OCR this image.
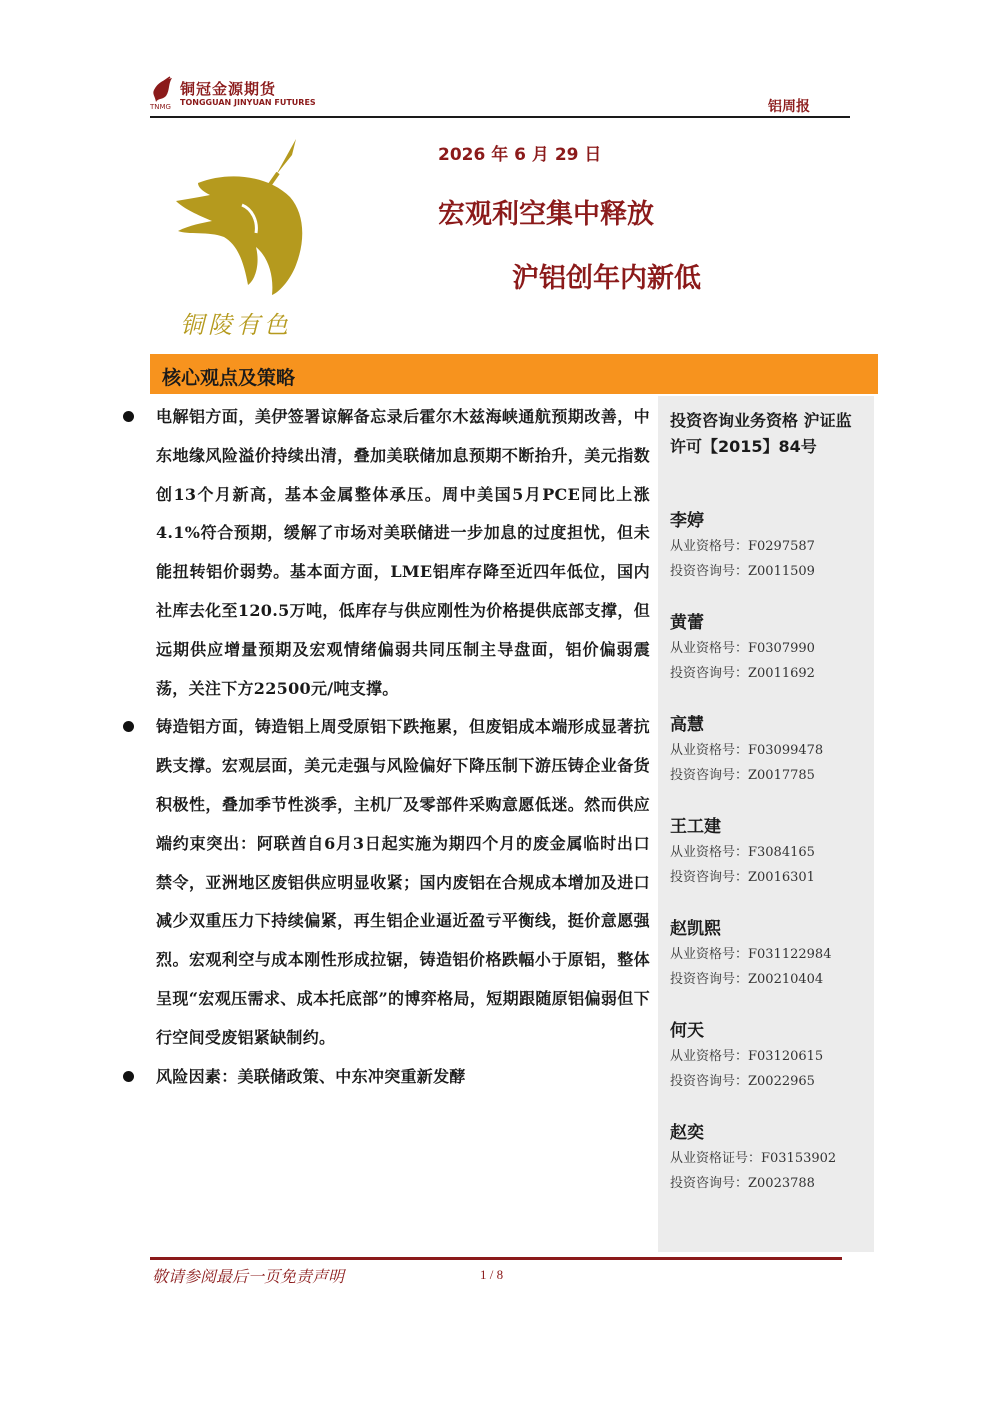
铜冠金源期货
TONGGUAN JINYUAN FUTURES
TNMG	铝周报
铜陵有色
2026 年 6 月 29 日
宏观利空集中释放
沪铝创年内新低
核心观点及策略
电解铝方面，美伊签署谅解备忘录后霍尔木兹海峡通航预期改善，中东地缘风险溢价持续出清，叠加美联储加息预期不断抬升，美元指数创13个月新高，基本金属整体承压。周中美国5月PCE同比上涨4.1%符合预期，缓解了市场对美联储进一步加息的过度担忧，但未能扭转铝价弱势。基本面方面，LME铝库存降至近四年低位，国内社库去化至120.5万吨，低库存与供应刚性为价格提供底部支撑，但远期供应增量预期及宏观情绪偏弱共同压制主导盘面，铝价偏弱震荡，关注下方22500元/吨支撑。
铸造铝方面，铸造铝上周受原铝下跌拖累，但废铝成本端形成显著抗跌支撑。宏观层面，美元走强与风险偏好下降压制下游压铸企业备货积极性，叠加季节性淡季，主机厂及零部件采购意愿低迷。然而供应端约束突出：阿联酋自6月3日起实施为期四个月的废金属临时出口禁令，亚洲地区废铝供应明显收紧；国内废铝在合规成本增加及进口减少双重压力下持续偏紧，再生铝企业逼近盈亏平衡线，挺价意愿强烈。宏观利空与成本刚性形成拉锯，铸造铝价格跌幅小于原铝，整体呈现“宏观压需求、成本托底部”的博弈格局，短期跟随原铝偏弱但下行空间受废铝紧缺制约。
风险因素：美联储政策、中东冲突重新发酵
投资咨询业务资格 沪证监许可【2015】84号
李婷
从业资格号：F0297587
投资咨询号：Z0011509
黄蕾
从业资格号：F0307990
投资咨询号：Z0011692
高慧
从业资格号：F03099478
投资咨询号：Z0017785
王工建
从业资格号：F3084165
投资咨询号：Z0016301
赵凯熙
从业资格号：F031122984
投资咨询号：Z00210404
何天
从业资格号：F03120615
投资咨询号：Z0022965
赵奕
从业资格证号：F03153902
投资咨询号：Z0023788
敬请参阅最后一页免责声明	1 / 8
